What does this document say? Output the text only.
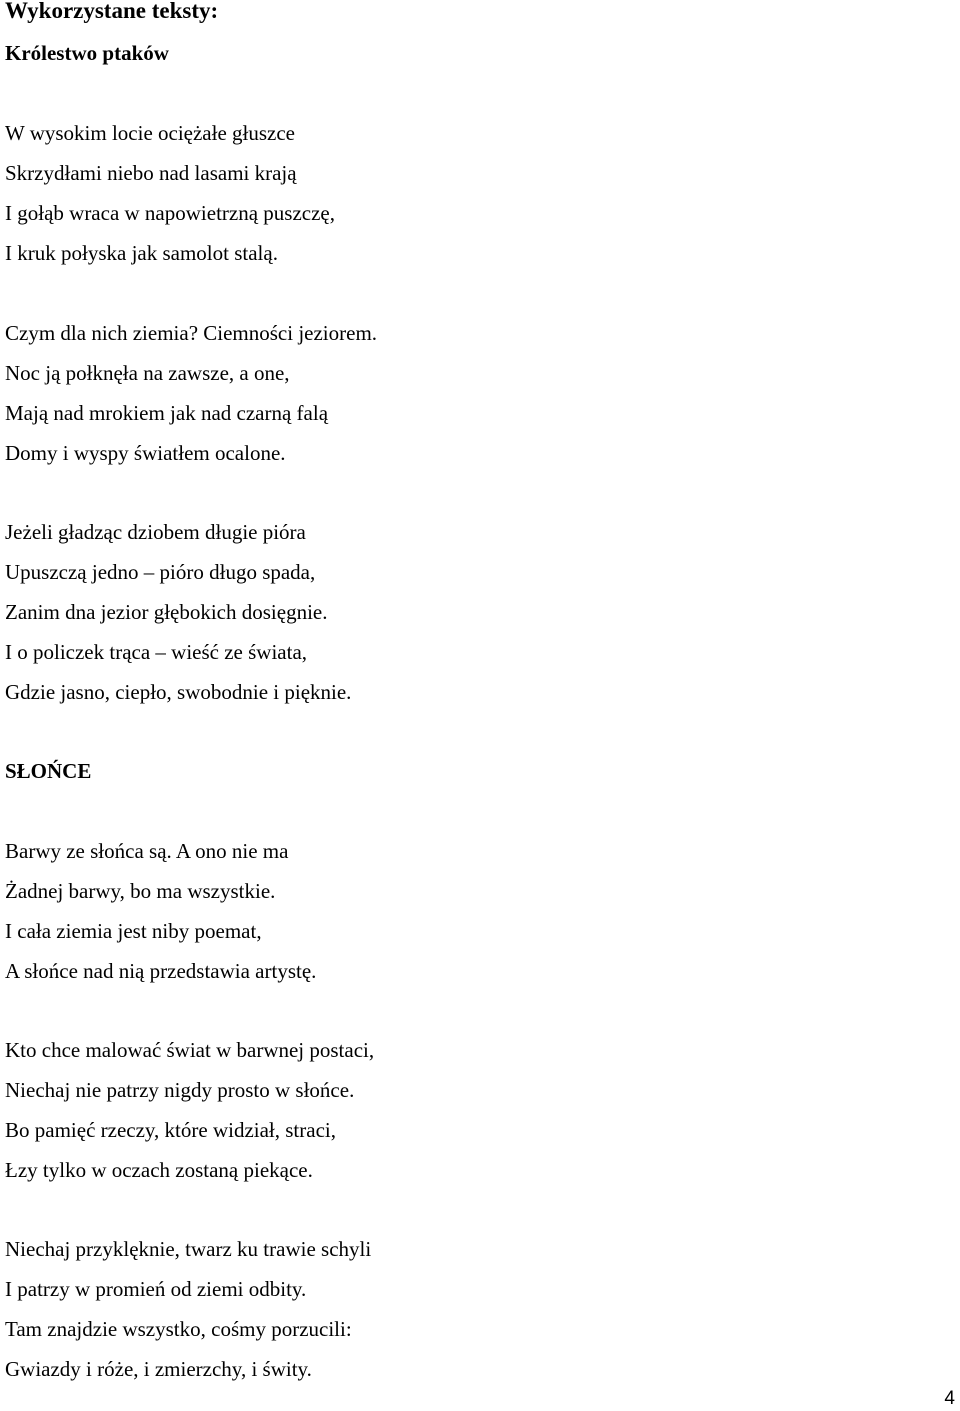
Wykorzystane teksty:
Królestwo ptaków
W wysokim locie ociężałe głuszce
Skrzydłami niebo nad lasami krają
I gołąb wraca w napowietrzną puszczę,
I kruk połyska jak samolot stalą.
Czym dla nich ziemia? Ciemności jeziorem.
Noc ją połknęła na zawsze, a one,
Mają nad mrokiem jak nad czarną falą
Domy i wyspy światłem ocalone.
Jeżeli gładząc dziobem długie pióra
Upuszczą jedno – pióro długo spada,
Zanim dna jezior głębokich dosięgnie.
I o policzek trąca – wieść ze świata,
Gdzie jasno, ciepło, swobodnie i pięknie.
SŁOŃCE
Barwy ze słońca są. A ono nie ma
Żadnej barwy, bo ma wszystkie.
I cała ziemia jest niby poemat,
A słońce nad nią przedstawia artystę.
Kto chce malować świat w barwnej postaci,
Niechaj nie patrzy nigdy prosto w słońce.
Bo pamięć rzeczy, które widział, straci,
Łzy tylko w oczach zostaną piekące.
Niechaj przyklęknie, twarz ku trawie schyli
I patrzy w promień od ziemi odbity.
Tam znajdzie wszystko, cośmy porzucili:
Gwiazdy i róże, i zmierzchy, i świty.
4
